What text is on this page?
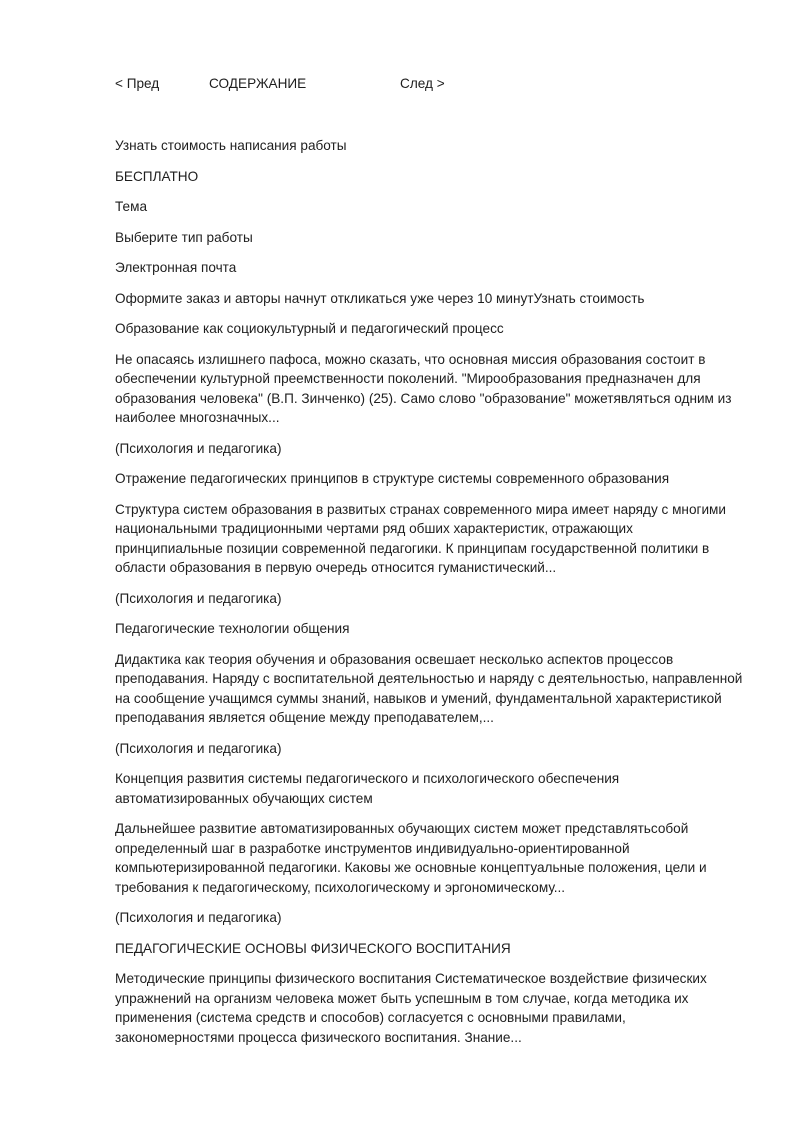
< Пред	СОДЕРЖАНИЕ	След >

Узнать стоимость написания работы

БЕСПЛАТНО

Тема

Выберите тип работы

Электронная почта

Оформите заказ и авторы начнут откликаться уже через 10 минутУзнать стоимость

Образование как социокультурный и педагогический процесс

Не опасаясь излишнего пафоса, можно сказать, что основная миссия образования состоит в обеспечении культурной преемственности поколений. "Мирообразования предназначен для образования человека" (В.П. Зинченко) (25). Само слово "образование" можетявляться одним из наиболее многозначных...

(Психология и педагогика)

Отражение педагогических принципов в структуре системы современного образования

Структура систем образования в развитых странах современного мира имеет наряду с многими национальными традиционными чертами ряд обших характеристик, отражающих принципиальные позиции современной педагогики. К принципам государственной политики в области образования в первую очередь относится гуманистический...

(Психология и педагогика)

Педагогические технологии общения

Дидактика как теория обучения и образования освешает несколько аспектов процессов преподавания. Наряду с воспитательной деятельностью и наряду с деятельностью, направленной на сообщение учащимся суммы знаний, навыков и умений, фундаментальной характеристикой преподавания является общение между преподавателем,...

(Психология и педагогика)

Концепция развития системы педагогического и психологического обеспечения автоматизированных обучающих систем

Дальнейшее развитие автоматизированных обучающих систем может представлятьсобой определенный шаг в разработке инструментов индивидуально-ориентированной компьютеризированной педагогики. Каковы же основные концептуальные положения, цели и требования к педагогическому, психологическому и эргономическому...

(Психология и педагогика)

ПЕДАГОГИЧЕСКИЕ ОСНОВЫ ФИЗИЧЕСКОГО ВОСПИТАНИЯ

Методические принципы физического воспитания Систематическое воздействие физических упражнений на организм человека может быть успешным в том случае, когда методика их применения (система средств и способов) согласуется с основными правилами, закономерностями процесса физического воспитания. Знание...
